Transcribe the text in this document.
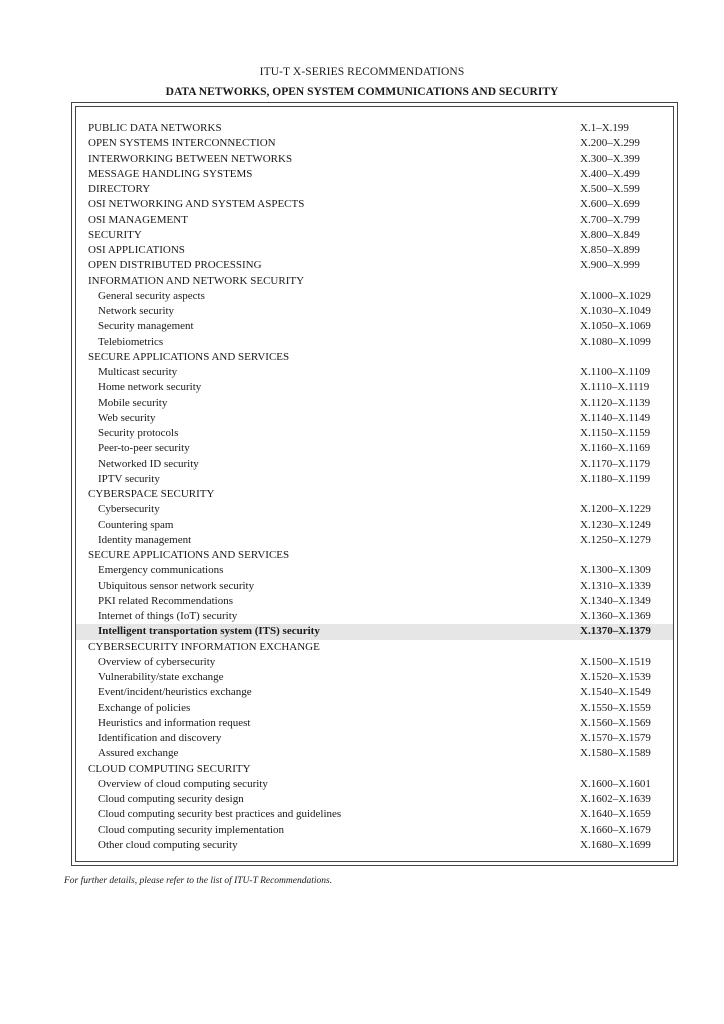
ITU-T X-SERIES RECOMMENDATIONS
DATA NETWORKS, OPEN SYSTEM COMMUNICATIONS AND SECURITY
PUBLIC DATA NETWORKS	X.1–X.199
OPEN SYSTEMS INTERCONNECTION	X.200–X.299
INTERWORKING BETWEEN NETWORKS	X.300–X.399
MESSAGE HANDLING SYSTEMS	X.400–X.499
DIRECTORY	X.500–X.599
OSI NETWORKING AND SYSTEM ASPECTS	X.600–X.699
OSI MANAGEMENT	X.700–X.799
SECURITY	X.800–X.849
OSI APPLICATIONS	X.850–X.899
OPEN DISTRIBUTED PROCESSING	X.900–X.999
INFORMATION AND NETWORK SECURITY
General security aspects	X.1000–X.1029
Network security	X.1030–X.1049
Security management	X.1050–X.1069
Telebiometrics	X.1080–X.1099
SECURE APPLICATIONS AND SERVICES
Multicast security	X.1100–X.1109
Home network security	X.1110–X.1119
Mobile security	X.1120–X.1139
Web security	X.1140–X.1149
Security protocols	X.1150–X.1159
Peer-to-peer security	X.1160–X.1169
Networked ID security	X.1170–X.1179
IPTV security	X.1180–X.1199
CYBERSPACE SECURITY
Cybersecurity	X.1200–X.1229
Countering spam	X.1230–X.1249
Identity management	X.1250–X.1279
SECURE APPLICATIONS AND SERVICES
Emergency communications	X.1300–X.1309
Ubiquitous sensor network security	X.1310–X.1339
PKI related Recommendations	X.1340–X.1349
Internet of things (IoT) security	X.1360–X.1369
Intelligent transportation system (ITS) security	X.1370–X.1379
CYBERSECURITY INFORMATION EXCHANGE
Overview of cybersecurity	X.1500–X.1519
Vulnerability/state exchange	X.1520–X.1539
Event/incident/heuristics exchange	X.1540–X.1549
Exchange of policies	X.1550–X.1559
Heuristics and information request	X.1560–X.1569
Identification and discovery	X.1570–X.1579
Assured exchange	X.1580–X.1589
CLOUD COMPUTING SECURITY
Overview of cloud computing security	X.1600–X.1601
Cloud computing security design	X.1602–X.1639
Cloud computing security best practices and guidelines	X.1640–X.1659
Cloud computing security implementation	X.1660–X.1679
Other cloud computing security	X.1680–X.1699
For further details, please refer to the list of ITU-T Recommendations.
